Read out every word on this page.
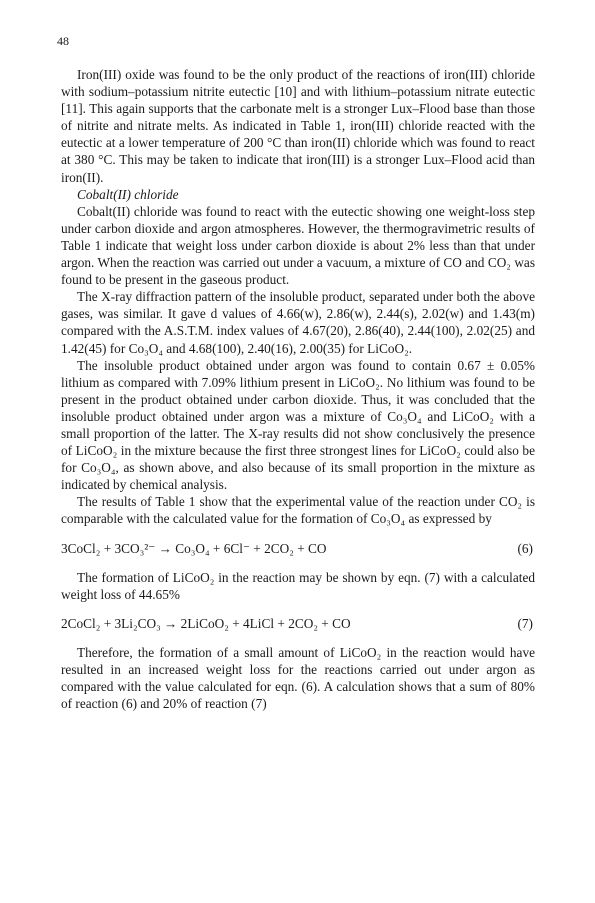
48

Iron(III) oxide was found to be the only product of the reactions of iron(III) chloride with sodium–potassium nitrite eutectic [10] and with lithium–potassium nitrate eutectic [11]. This again supports that the carbonate melt is a stronger Lux–Flood base than those of nitrite and nitrate melts. As indicated in Table 1, iron(III) chloride reacted with the eutectic at a lower temperature of 200 °C than iron(II) chloride which was found to react at 380 °C. This may be taken to indicate that iron(III) is a stronger Lux–Flood acid than iron(II).

Cobalt(II) chloride

Cobalt(II) chloride was found to react with the eutectic showing one weight-loss step under carbon dioxide and argon atmospheres. However, the thermogravimetric results of Table 1 indicate that weight loss under carbon dioxide is about 2% less than that under argon. When the reaction was carried out under a vacuum, a mixture of CO and CO₂ was found to be present in the gaseous product.

The X-ray diffraction pattern of the insoluble product, separated under both the above gases, was similar. It gave d values of 4.66(w), 2.86(w), 2.44(s), 2.02(w) and 1.43(m) compared with the A.S.T.M. index values of 4.67(20), 2.86(40), 2.44(100), 2.02(25) and 1.42(45) for Co₃O₄ and 4.68(100), 2.40(16), 2.00(35) for LiCoO₂.

The insoluble product obtained under argon was found to contain 0.67 ± 0.05% lithium as compared with 7.09% lithium present in LiCoO₂. No lithium was found to be present in the product obtained under carbon dioxide. Thus, it was concluded that the insoluble product obtained under argon was a mixture of Co₃O₄ and LiCoO₂ with a small proportion of the latter. The X-ray results did not show conclusively the presence of LiCoO₂ in the mixture because the first three strongest lines for LiCoO₂ could also be for Co₃O₄, as shown above, and also because of its small proportion in the mixture as indicated by chemical analysis.

The results of Table 1 show that the experimental value of the reaction under CO₂ is comparable with the calculated value for the formation of Co₃O₄ as expressed by

3CoCl₂ + 3CO₃²⁻ → Co₃O₄ + 6Cl⁻ + 2CO₂ + CO	(6)

The formation of LiCoO₂ in the reaction may be shown by eqn. (7) with a calculated weight loss of 44.65%

2CoCl₂ + 3Li₂CO₃ → 2LiCoO₂ + 4LiCl + 2CO₂ + CO	(7)

Therefore, the formation of a small amount of LiCoO₂ in the reaction would have resulted in an increased weight loss for the reactions carried out under argon as compared with the value calculated for eqn. (6). A calculation shows that a sum of 80% of reaction (6) and 20% of reaction (7)
